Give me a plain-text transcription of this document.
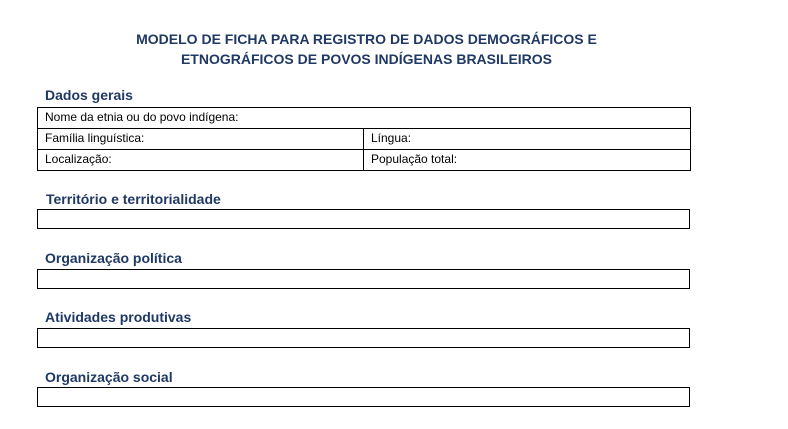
MODELO DE FICHA PARA REGISTRO DE DADOS DEMOGRÁFICOS E
ETNOGRÁFICOS DE POVOS INDÍGENAS BRASILEIROS
Dados gerais
Nome da etnia ou do povo indígena:	
Família linguística:	Língua:
Localização:	População total:
Território e territorialidade
Organização política
Atividades produtivas
Organização social
